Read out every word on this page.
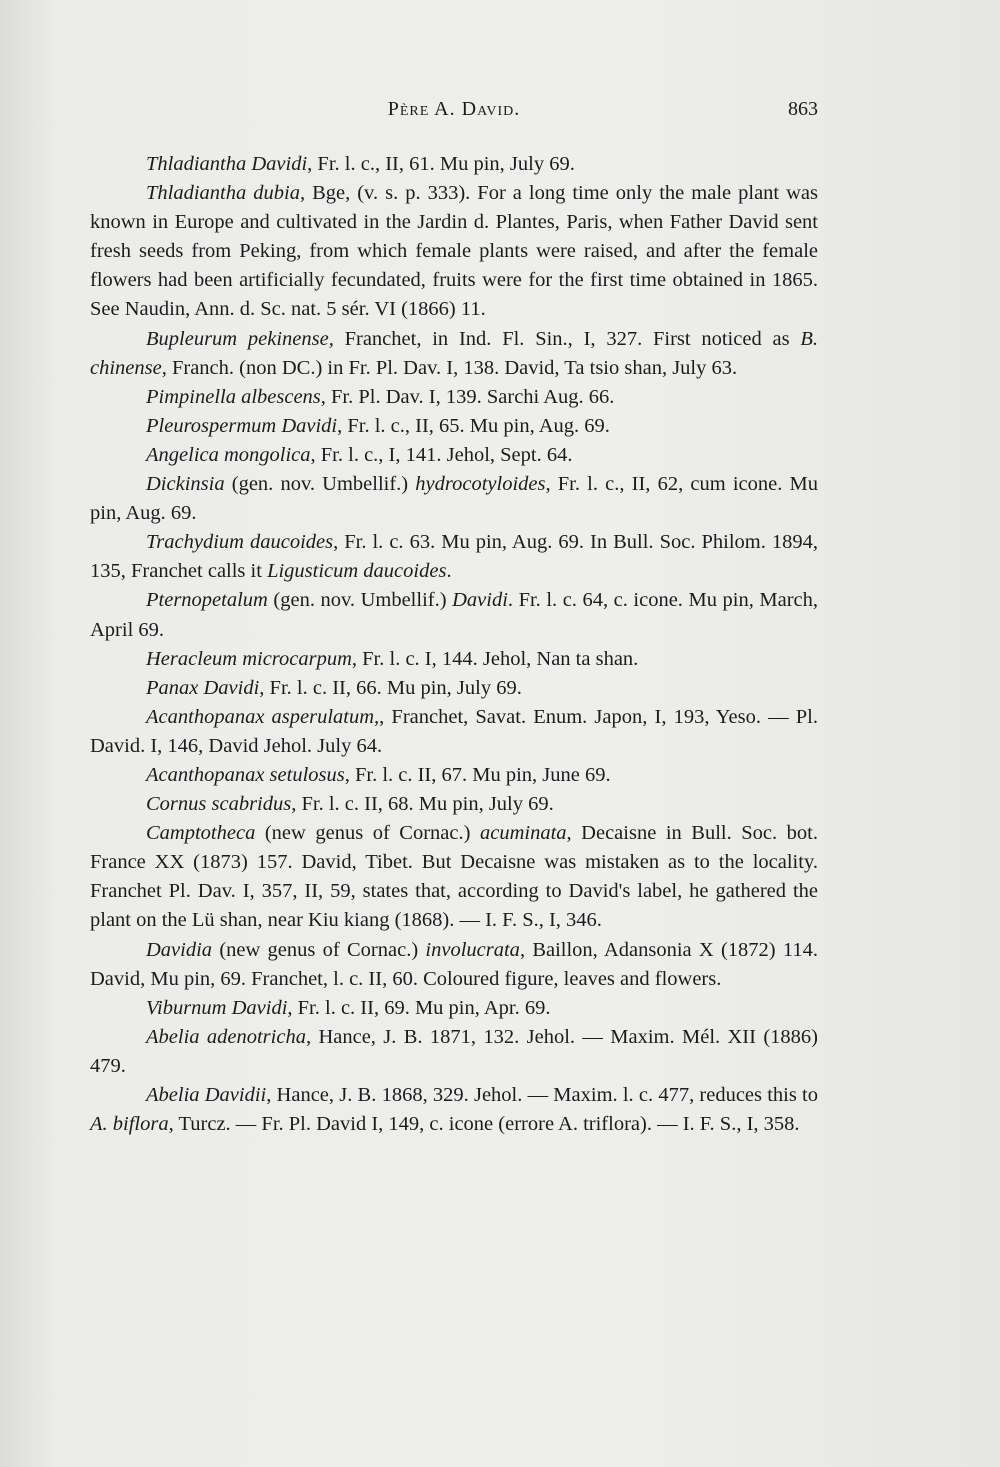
Père A. David.	863

Thladiantha Davidi, Fr. l. c., II, 61. Mu pin, July 69.

Thladiantha dubia, Bge, (v. s. p. 333). For a long time only the male plant was known in Europe and cultivated in the Jardin d. Plantes, Paris, when Father David sent fresh seeds from Peking, from which female plants were raised, and after the female flowers had been artificially fecundated, fruits were for the first time obtained in 1865. See Naudin, Ann. d. Sc. nat. 5 sér. VI (1866) 11.

Bupleurum pekinense, Franchet, in Ind. Fl. Sin., I, 327. First noticed as B. chinense, Franch. (non DC.) in Fr. Pl. Dav. I, 138. David, Ta tsio shan, July 63.

Pimpinella albescens, Fr. Pl. Dav. I, 139. Sarchi Aug. 66.

Pleurospermum Davidi, Fr. l. c., II, 65. Mu pin, Aug. 69.

Angelica mongolica, Fr. l. c., I, 141. Jehol, Sept. 64.

Dickinsia (gen. nov. Umbellif.) hydrocotyloides, Fr. l. c., II, 62, cum icone. Mu pin, Aug. 69.

Trachydium daucoides, Fr. l. c. 63. Mu pin, Aug. 69. In Bull. Soc. Philom. 1894, 135, Franchet calls it Ligusticum daucoides.

Pternopetalum (gen. nov. Umbellif.) Davidi. Fr. l. c. 64, c. icone. Mu pin, March, April 69.

Heracleum microcarpum, Fr. l. c. I, 144. Jehol, Nan ta shan.

Panax Davidi, Fr. l. c. II, 66. Mu pin, July 69.

Acanthopanax asperulatum,, Franchet, Savat. Enum. Japon, I, 193, Yeso. — Pl. David. I, 146, David Jehol. July 64.

Acanthopanax setulosus, Fr. l. c. II, 67. Mu pin, June 69.

Cornus scabridus, Fr. l. c. II, 68. Mu pin, July 69.

Camptotheca (new genus of Cornac.) acuminata, Decaisne in Bull. Soc. bot. France XX (1873) 157. David, Tibet. But Decaisne was mistaken as to the locality. Franchet Pl. Dav. I, 357, II, 59, states that, according to David's label, he gathered the plant on the Lü shan, near Kiu kiang (1868). — I. F. S., I, 346.

Davidia (new genus of Cornac.) involucrata, Baillon, Adansonia X (1872) 114. David, Mu pin, 69. Franchet, l. c. II, 60. Coloured figure, leaves and flowers.

Viburnum Davidi, Fr. l. c. II, 69. Mu pin, Apr. 69.

Abelia adenotricha, Hance, J. B. 1871, 132. Jehol. — Maxim. Mél. XII (1886) 479.

Abelia Davidii, Hance, J. B. 1868, 329. Jehol. — Maxim. l. c. 477, reduces this to A. biflora, Turcz. — Fr. Pl. David I, 149, c. icone (errore A. triflora). — I. F. S., I, 358.
